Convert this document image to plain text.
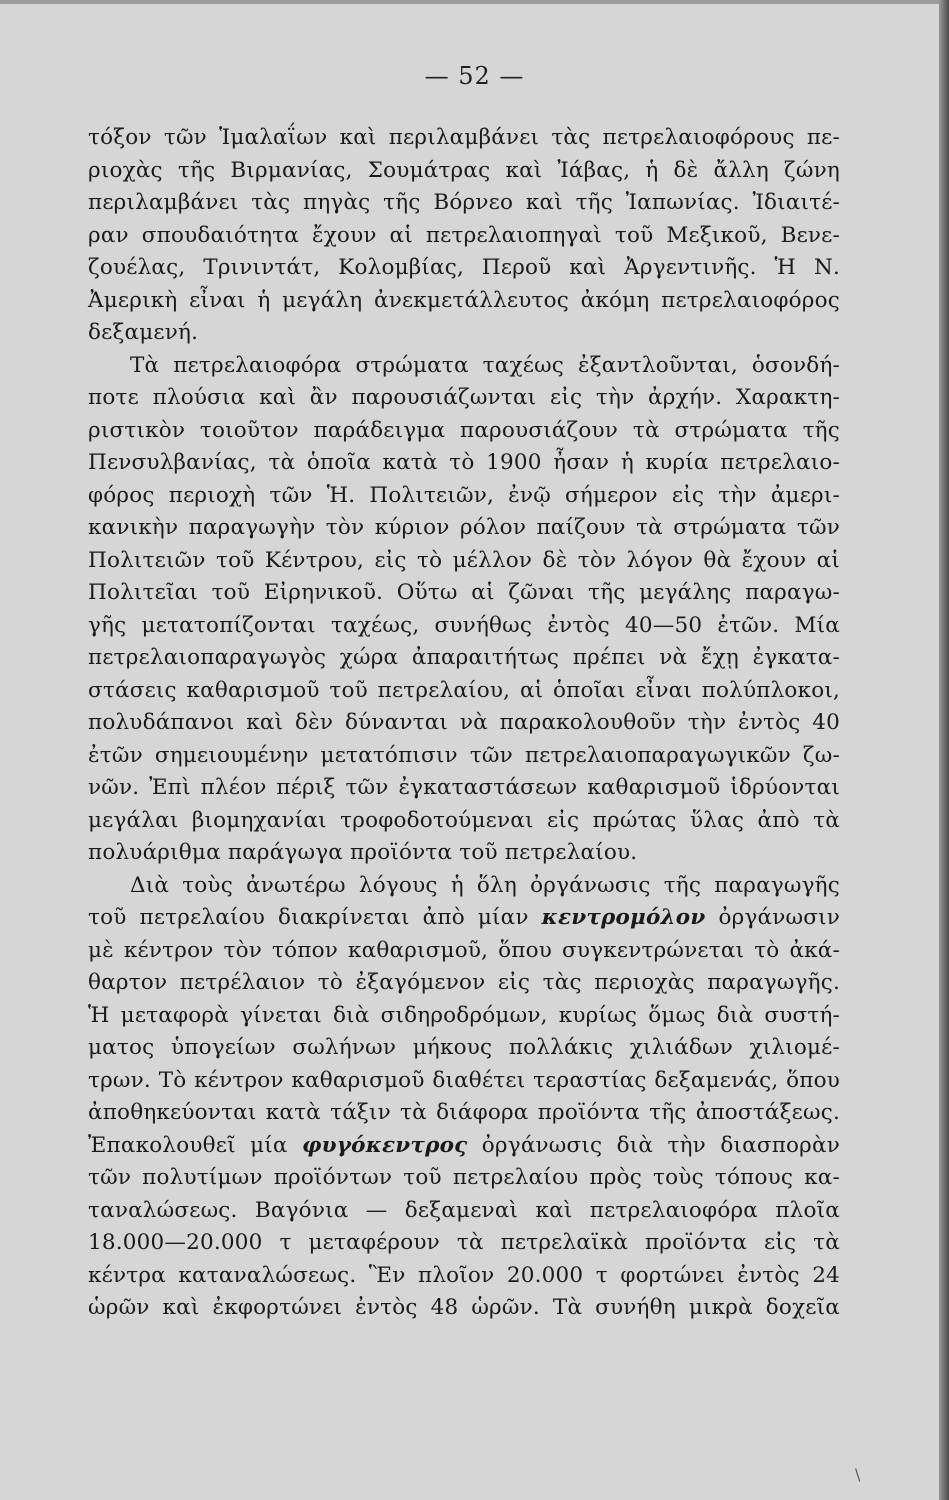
— 52 —
τόξον τῶν Ἱμαλαΐων καὶ περιλαμβάνει τὰς πετρελαιοφόρους πε-
ριοχὰς τῆς Βιρμανίας, Σουμάτρας καὶ Ἰάβας, ἡ δὲ ἄλλη ζώνη
περιλαμβάνει τὰς πηγὰς τῆς Βόρνεο καὶ τῆς Ἰαπωνίας. Ἰδιαιτέ-
ραν σπουδαιότητα ἔχουν αἱ πετρελαιοπηγαὶ τοῦ Μεξικοῦ, Βενε-
ζουέλας, Τρινιντάτ, Κολομβίας, Περοῦ καὶ Ἀργεντινῆς. Ἡ Ν.
Ἀμερικὴ εἶναι ἡ μεγάλη ἀνεκμετάλλευτος ἀκόμη πετρελαιοφόρος
δεξαμενή.
Τὰ πετρελαιοφόρα στρώματα ταχέως ἐξαντλοῦνται, ὁσονδή-
ποτε πλούσια καὶ ἂν παρουσιάζωνται εἰς τὴν ἀρχήν. Χαρακτη-
ριστικὸν τοιοῦτον παράδειγμα παρουσιάζουν τὰ στρώματα τῆς
Πενσυλβανίας, τὰ ὁποῖα κατὰ τὸ 1900 ἦσαν ἡ κυρία πετρελαιο-
φόρος περιοχὴ τῶν Ἡ. Πολιτειῶν, ἐνῷ σήμερον εἰς τὴν ἀμερι-
κανικὴν παραγωγὴν τὸν κύριον ρόλον παίζουν τὰ στρώματα τῶν
Πολιτειῶν τοῦ Κέντρου, εἰς τὸ μέλλον δὲ τὸν λόγον θὰ ἔχουν αἱ
Πολιτεῖαι τοῦ Εἰρηνικοῦ. Οὕτω αἱ ζῶναι τῆς μεγάλης παραγω-
γῆς μετατοπίζονται ταχέως, συνήθως ἐντὸς 40—50 ἐτῶν. Μία
πετρελαιοπαραγωγὸς χώρα ἀπαραιτήτως πρέπει νὰ ἔχῃ ἐγκατα-
στάσεις καθαρισμοῦ τοῦ πετρελαίου, αἱ ὁποῖαι εἶναι πολύπλοκοι,
πολυδάπανοι καὶ δὲν δύνανται νὰ παρακολουθοῦν τὴν ἐντὸς 40
ἐτῶν σημειουμένην μετατόπισιν τῶν πετρελαιοπαραγωγικῶν ζω-
νῶν. Ἐπὶ πλέον πέριξ τῶν ἐγκαταστάσεων καθαρισμοῦ ἱδρύονται
μεγάλαι βιομηχανίαι τροφοδοτούμεναι εἰς πρώτας ὕλας ἀπὸ τὰ
πολυάριθμα παράγωγα προϊόντα τοῦ πετρελαίου.
Διὰ τοὺς ἀνωτέρω λόγους ἡ ὅλη ὀργάνωσις τῆς παραγωγῆς
τοῦ πετρελαίου διακρίνεται ἀπὸ μίαν κεντρομόλον ὀργάνωσιν
μὲ κέντρον τὸν τόπον καθαρισμοῦ, ὅπου συγκεντρώνεται τὸ ἀκά-
θαρτον πετρέλαιον τὸ ἐξαγόμενον εἰς τὰς περιοχὰς παραγωγῆς.
Ἡ μεταφορὰ γίνεται διὰ σιδηροδρόμων, κυρίως ὅμως διὰ συστή-
ματος ὑπογείων σωλήνων μήκους πολλάκις χιλιάδων χιλιομέ-
τρων. Τὸ κέντρον καθαρισμοῦ διαθέτει τεραστίας δεξαμενάς, ὅπου
ἀποθηκεύονται κατὰ τάξιν τὰ διάφορα προϊόντα τῆς ἀποστάξεως.
Ἐπακολουθεῖ μία φυγόκεντρος ὀργάνωσις διὰ τὴν διασπορὰν
τῶν πολυτίμων προϊόντων τοῦ πετρελαίου πρὸς τοὺς τόπους κα-
ταναλώσεως. Βαγόνια — δεξαμεναὶ καὶ πετρελαιοφόρα πλοῖα
18.000—20.000 τ μεταφέρουν τὰ πετρελαϊκὰ προϊόντα εἰς τὰ
κέντρα καταναλώσεως. Ἓν πλοῖον 20.000 τ φορτώνει ἐντὸς 24
ὡρῶν καὶ ἐκφορτώνει ἐντὸς 48 ὡρῶν. Τὰ συνήθη μικρὰ δοχεῖα
\
